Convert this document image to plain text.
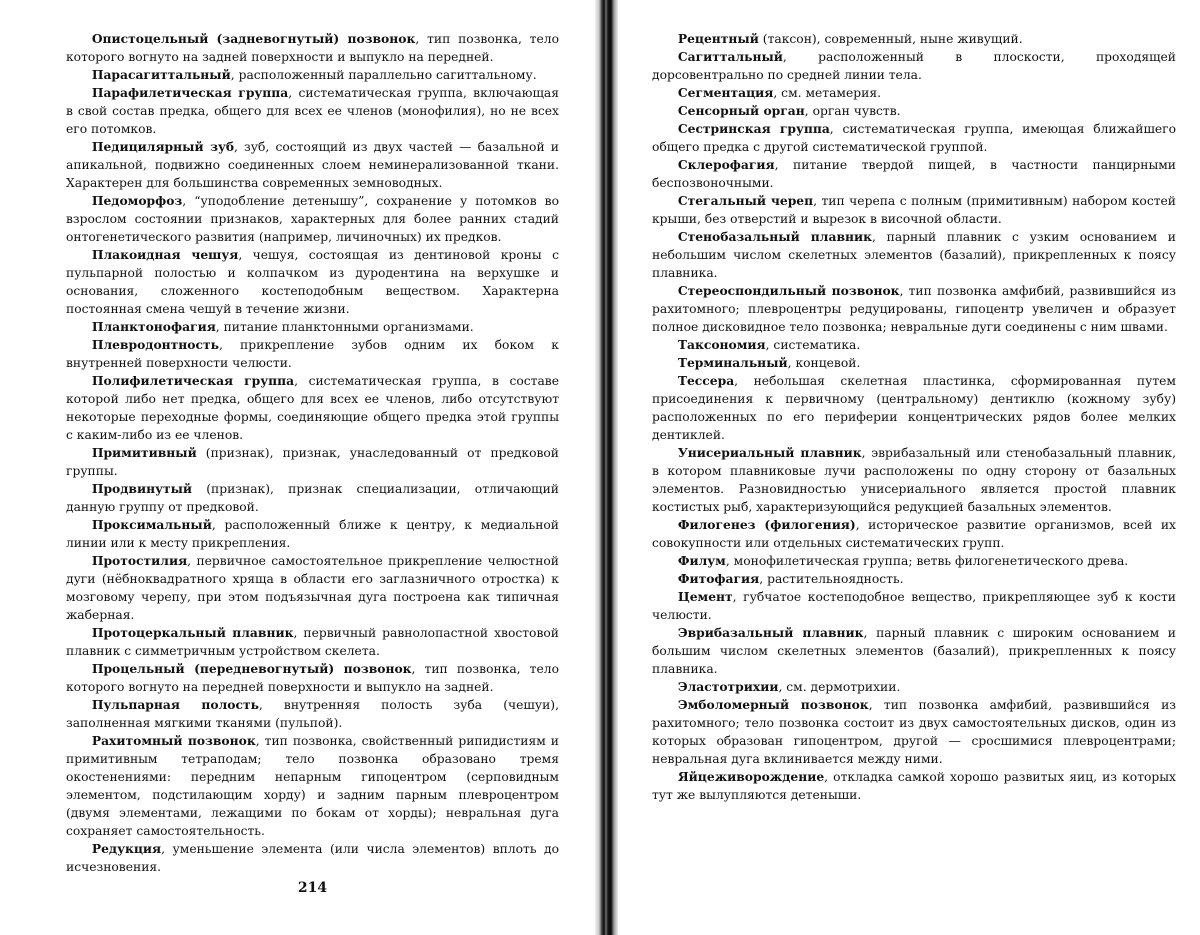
Опистоцельный (задневогнутый) позвонок, тип позвонка, тело которого вогнуто на задней поверхности и выпукло на передней.

Парасагиттальный, расположенный параллельно сагиттальному.

Парафилетическая группа, систематическая группа, включающая в свой состав предка, общего для всех ее членов (монофилия), но не всех его потомков.

Педицилярный зуб, зуб, состоящий из двух частей — базальной и апикальной, подвижно соединенных слоем неминерализованной ткани. Характерен для большинства современных земноводных.

Педоморфоз, “уподобление детенышу”, сохранение у потомков во взрослом состоянии признаков, характерных для более ранних стадий онтогенетического развития (например, личиночных) их предков.

Плакоидная чешуя, чешуя, состоящая из дентиновой кроны с пульпарной полостью и колпачком из дуродентина на верхушке и основания, сложенного костеподобным веществом. Характерна постоянная смена чешуй в течение жизни.

Планктонофагия, питание планктонными организмами.

Плевродонтность, прикрепление зубов одним их боком к внутренней поверхности челюсти.

Полифилетическая группа, систематическая группа, в составе которой либо нет предка, общего для всех ее членов, либо отсутствуют некоторые переходные формы, соединяющие общего предка этой группы с каким-либо из ее членов.

Примитивный (признак), признак, унаследованный от предковой группы.

Продвинутый (признак), признак специализации, отличающий данную группу от предковой.

Проксимальный, расположенный ближе к центру, к медиальной линии или к месту прикрепления.

Протостилия, первичное самостоятельное прикрепление челюстной дуги (нёбноквадратного хряща в области его заглазничного отростка) к мозговому черепу, при этом подъязычная дуга построена как типичная жаберная.

Протоцеркальный плавник, первичный равнолопастной хвостовой плавник с симметричным устройством скелета.

Процельный (передневогнутый) позвонок, тип позвонка, тело которого вогнуто на передней поверхности и выпукло на задней.

Пульпарная полость, внутренняя полость зуба (чешуи), заполненная мягкими тканями (пульпой).

Рахитомный позвонок, тип позвонка, свойственный рипидистиям и примитивным тетраподам; тело позвонка образовано тремя окостенениями: передним непарным гипоцентром (серповидным элементом, подстилающим хорду) и задним парным плевроцентром (двумя элементами, лежащими по бокам от хорды); невральная дуга сохраняет самостоятельность.

Редукция, уменьшение элемента (или числа элементов) вплоть до исчезновения.

Рецентный (таксон), современный, ныне живущий.

Сагиттальный, расположенный в плоскости, проходящей дорсовентрально по средней линии тела.

Сегментация, см. метамерия.

Сенсорный орган, орган чувств.

Сестринская группа, систематическая группа, имеющая ближайшего общего предка с другой систематической группой.

Склерофагия, питание твердой пищей, в частности панцирными беспозвоночными.

Стегальный череп, тип черепа с полным (примитивным) набором костей крыши, без отверстий и вырезок в височной области.

Стенобазальный плавник, парный плавник с узким основанием и небольшим числом скелетных элементов (базалий), прикрепленных к поясу плавника.

Стереоспондильный позвонок, тип позвонка амфибий, развившийся из рахитомного; плевроцентры редуцированы, гипоцентр увеличен и образует полное дисковидное тело позвонка; невральные дуги соединены с ним швами.

Таксономия, систематика.

Терминальный, концевой.

Тессера, небольшая скелетная пластинка, сформированная путем присоединения к первичному (центральному) дентиклю (кожному зубу) расположенных по его периферии концентрических рядов более мелких дентиклей.

Унисериальный плавник, эврибазальный или стенобазальный плавник, в котором плавниковые лучи расположены по одну сторону от базальных элементов. Разновидностью унисериального является простой плавник костистых рыб, характеризующийся редукцией базальных элементов.

Филогенез (филогения), историческое развитие организмов, всей их совокупности или отдельных систематических групп.

Филум, монофилетическая группа; ветвь филогенетического древа.

Фитофагия, растительноядность.

Цемент, губчатое костеподобное вещество, прикрепляющее зуб к кости челюсти.

Эврибазальный плавник, парный плавник с широким основанием и большим числом скелетных элементов (базалий), прикрепленных к поясу плавника.

Эластотрихии, см. дермотрихии.

Эмболомерный позвонок, тип позвонка амфибий, развившийся из рахитомного; тело позвонка состоит из двух самостоятельных дисков, один из которых образован гипоцентром, другой — сросшимися плевроцентрами; невральная дуга вклинивается между ними.

Яйцеживорождение, откладка самкой хорошо развитых яиц, из которых тут же вылупляются детеныши.

214
